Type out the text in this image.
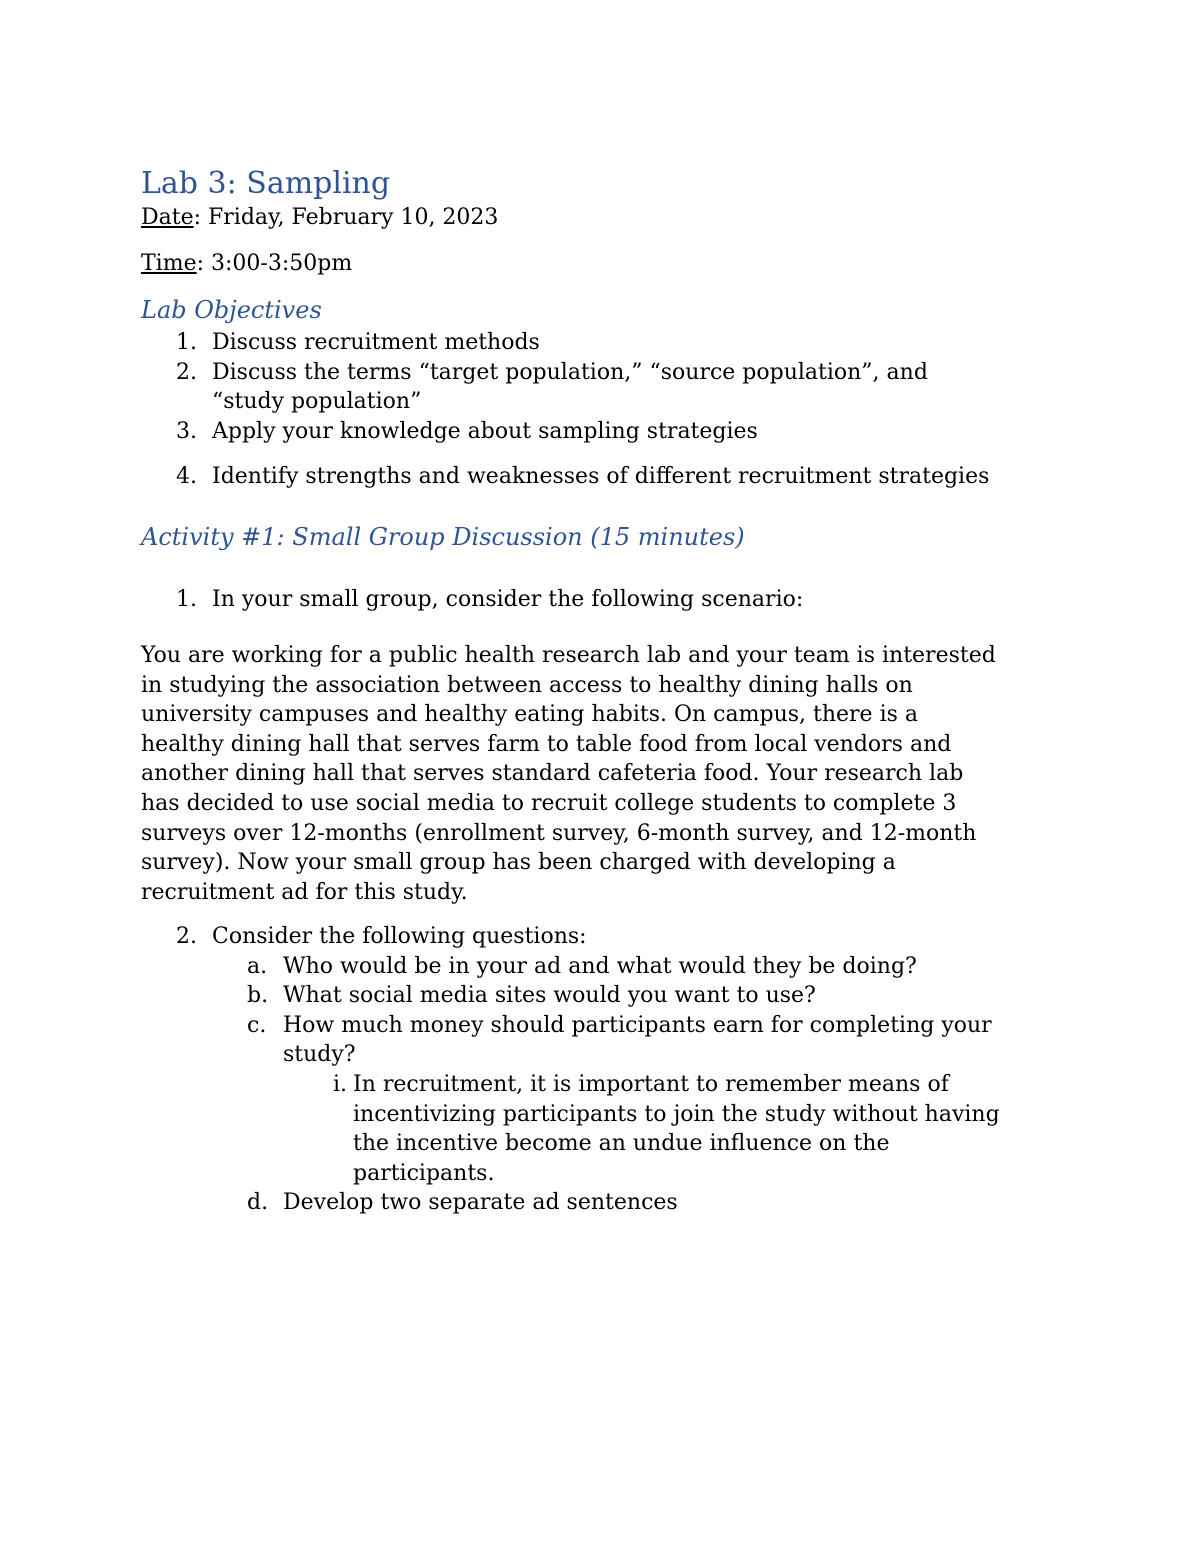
Lab 3: Sampling
Date: Friday, February 10, 2023
Time: 3:00-3:50pm
Lab Objectives
1. Discuss recruitment methods
2. Discuss the terms “target population,” “source population”, and
“study population”
3. Apply your knowledge about sampling strategies
4. Identify strengths and weaknesses of different recruitment strategies
Activity #1: Small Group Discussion (15 minutes)
1. In your small group, consider the following scenario:
You are working for a public health research lab and your team is interested
in studying the association between access to healthy dining halls on
university campuses and healthy eating habits. On campus, there is a
healthy dining hall that serves farm to table food from local vendors and
another dining hall that serves standard cafeteria food. Your research lab
has decided to use social media to recruit college students to complete 3
surveys over 12-months (enrollment survey, 6-month survey, and 12-month
survey). Now your small group has been charged with developing a
recruitment ad for this study.
2. Consider the following questions:
a. Who would be in your ad and what would they be doing?
b. What social media sites would you want to use?
c. How much money should participants earn for completing your
study?
i. In recruitment, it is important to remember means of
incentivizing participants to join the study without having
the incentive become an undue influence on the
participants.
d. Develop two separate ad sentences
